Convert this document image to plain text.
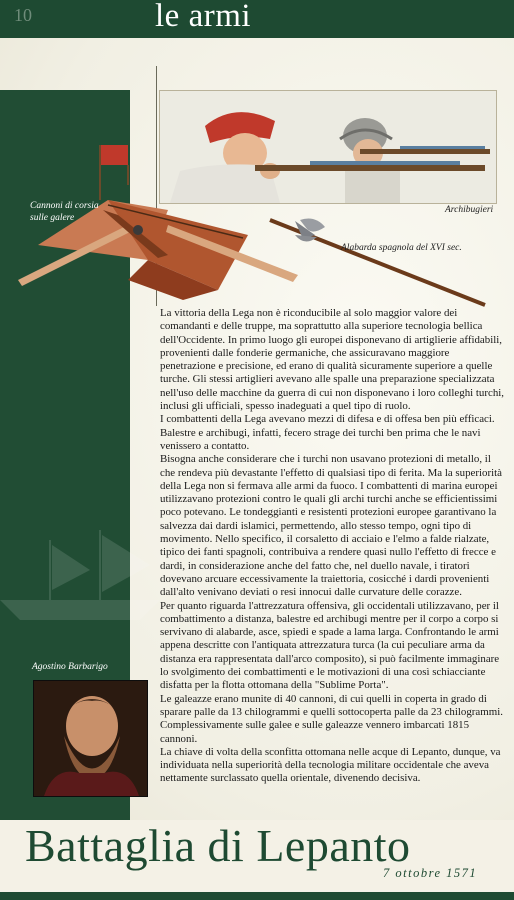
10	le armi
Archibugieri
Cannoni di corsia sulle galere
Alabarda spagnola del XVI sec.

La vittoria della Lega non è riconducibile al solo maggior valore dei comandanti e delle truppe, ma soprattutto alla superiore tecnologia bellica dell'Occidente. In primo luogo gli europei disponevano di artiglierie affidabili, provenienti dalle fonderie germaniche, che assicuravano maggiore penetrazione e precisione, ed erano di qualità sicuramente superiore a quelle turche. Gli stessi artiglieri avevano alle spalle una preparazione specializzata nell'uso delle macchine da guerra di cui non disponevano i loro colleghi turchi, inclusi gli ufficiali, spesso inadeguati a quel tipo di ruolo.

I combattenti della Lega avevano mezzi di difesa e di offesa ben più efficaci. Balestre e archibugi, infatti, fecero strage dei turchi ben prima che le navi venissero a contatto.

Bisogna anche considerare che i turchi non usavano protezioni di metallo, il che rendeva più devastante l'effetto di qualsiasi tipo di ferita. Ma la superiorità della Lega non si fermava alle armi da fuoco. I combattenti di marina europei utilizzavano protezioni contro le quali gli archi turchi anche se efficientissimi poco potevano. Le tondeggianti e resistenti protezioni europee garantivano la salvezza dai dardi islamici, permettendo, allo stesso tempo, ogni tipo di movimento. Nello specifico, il corsaletto di acciaio e l'elmo a falde rialzate, tipico dei fanti spagnoli, contribuiva a rendere quasi nullo l'effetto di frecce e dardi, in considerazione anche del fatto che, nel duello navale, i tiratori dovevano arcuare eccessivamente la traiettoria, cosicché i dardi provenienti dall'alto venivano deviati o resi innocui dalle curvature delle corazze.

Per quanto riguarda l'attrezzatura offensiva, gli occidentali utilizzavano, per il combattimento a distanza, balestre ed archibugi mentre per il corpo a corpo si servivano di alabarde, asce, spiedi e spade a lama larga. Confrontando le armi appena descritte con l'antiquata attrezzatura turca (la cui peculiare arma da distanza era rappresentata dall'arco composito), si può facilmente immaginare lo svolgimento dei combattimenti e le motivazioni di una così schiacciante disfatta per la flotta ottomana della "Sublime Porta".

Le galeazze erano munite di 40 cannoni, di cui quelli in coperta in grado di sparare palle da 13 chilogrammi e quelli sottocoperta palle da 23 chilogrammi.

Complessivamente sulle galee e sulle galeazze vennero imbarcati 1815 cannoni.

La chiave di volta della sconfitta ottomana nelle acque di Lepanto, dunque, va individuata nella superiorità della tecnologia militare occidentale che aveva nettamente surclassato quella orientale, divenendo decisiva.

Agostino Barbarigo
Battaglia di Lepanto
7 ottobre 1571
